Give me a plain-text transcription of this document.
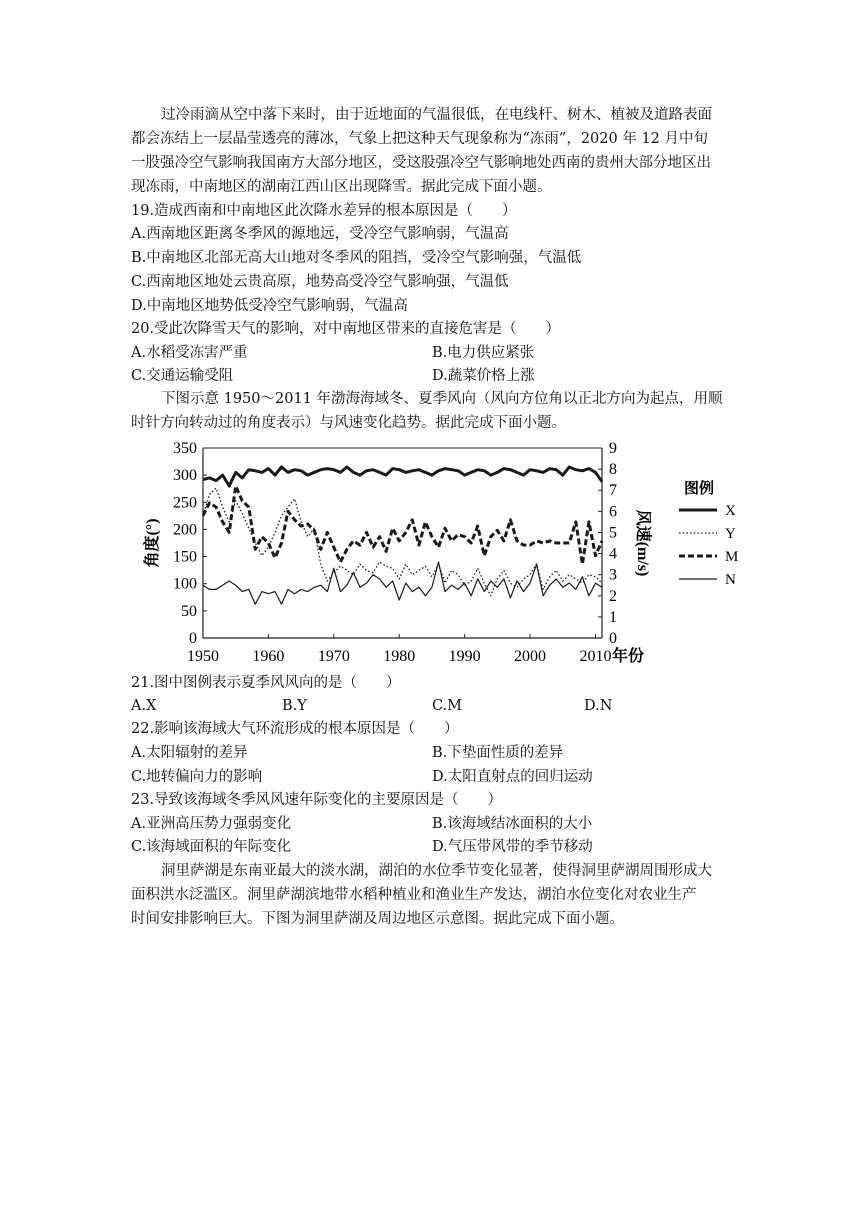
过冷雨滴从空中落下来时，由于近地面的气温很低，在电线杆、树木、植被及道路表面
都会冻结上一层晶莹透亮的薄冰，气象上把这种天气现象称为“冻雨”，2020 年 12 月中旬
一股强冷空气影响我国南方大部分地区，受这股强冷空气影响地处西南的贵州大部分地区出
现冻雨，中南地区的湖南江西山区出现降雪。据此完成下面小题。

19.造成西南和中南地区此次降水差异的根本原因是（　　）

A.西南地区距离冬季风的源地远，受冷空气影响弱，气温高

B.中南地区北部无高大山地对冬季风的阻挡，受冷空气影响强，气温低

C.西南地区地处云贵高原，地势高受冷空气影响强，气温低

D.中南地区地势低受冷空气影响弱，气温高

20.受此次降雪天气的影响，对中南地区带来的直接危害是（　　）

A.水稻受冻害严重	B.电力供应紧张

C.交通运输受阻	D.蔬菜价格上涨

下图示意 1950～2011 年渤海海域冬、夏季风向（风向方位角以正北方向为起点，用顺
时针方向转动过的角度表示）与风速变化趋势。据此完成下面小题。
0
50
100
150
200
250
300
350
0
1
2
3
4
5
6
7
8
9
1950 1960 1970 1980 1990 2000 2010 年份
角度(°)	风速(m/s)
图例
X
Y
M
N

21.图中图例表示夏季风风向的是（　　）

A.X	B.Y	C.M	D.N

22.影响该海域大气环流形成的根本原因是（　　）

A.太阳辐射的差异	B.下垫面性质的差异

C.地转偏向力的影响	D.太阳直射点的回归运动

23.导致该海域冬季风风速年际变化的主要原因是（　　）

A.亚洲高压势力强弱变化	B.该海域结冰面积的大小

C.该海域面积的年际变化	D.气压带风带的季节移动

洞里萨湖是东南亚最大的淡水湖，湖泊的水位季节变化显著，使得洞里萨湖周围形成大
面积洪水泛滥区。洞里萨湖滨地带水稻种植业和渔业生产发达，湖泊水位变化对农业生产
时间安排影响巨大。下图为洞里萨湖及周边地区示意图。据此完成下面小题。
